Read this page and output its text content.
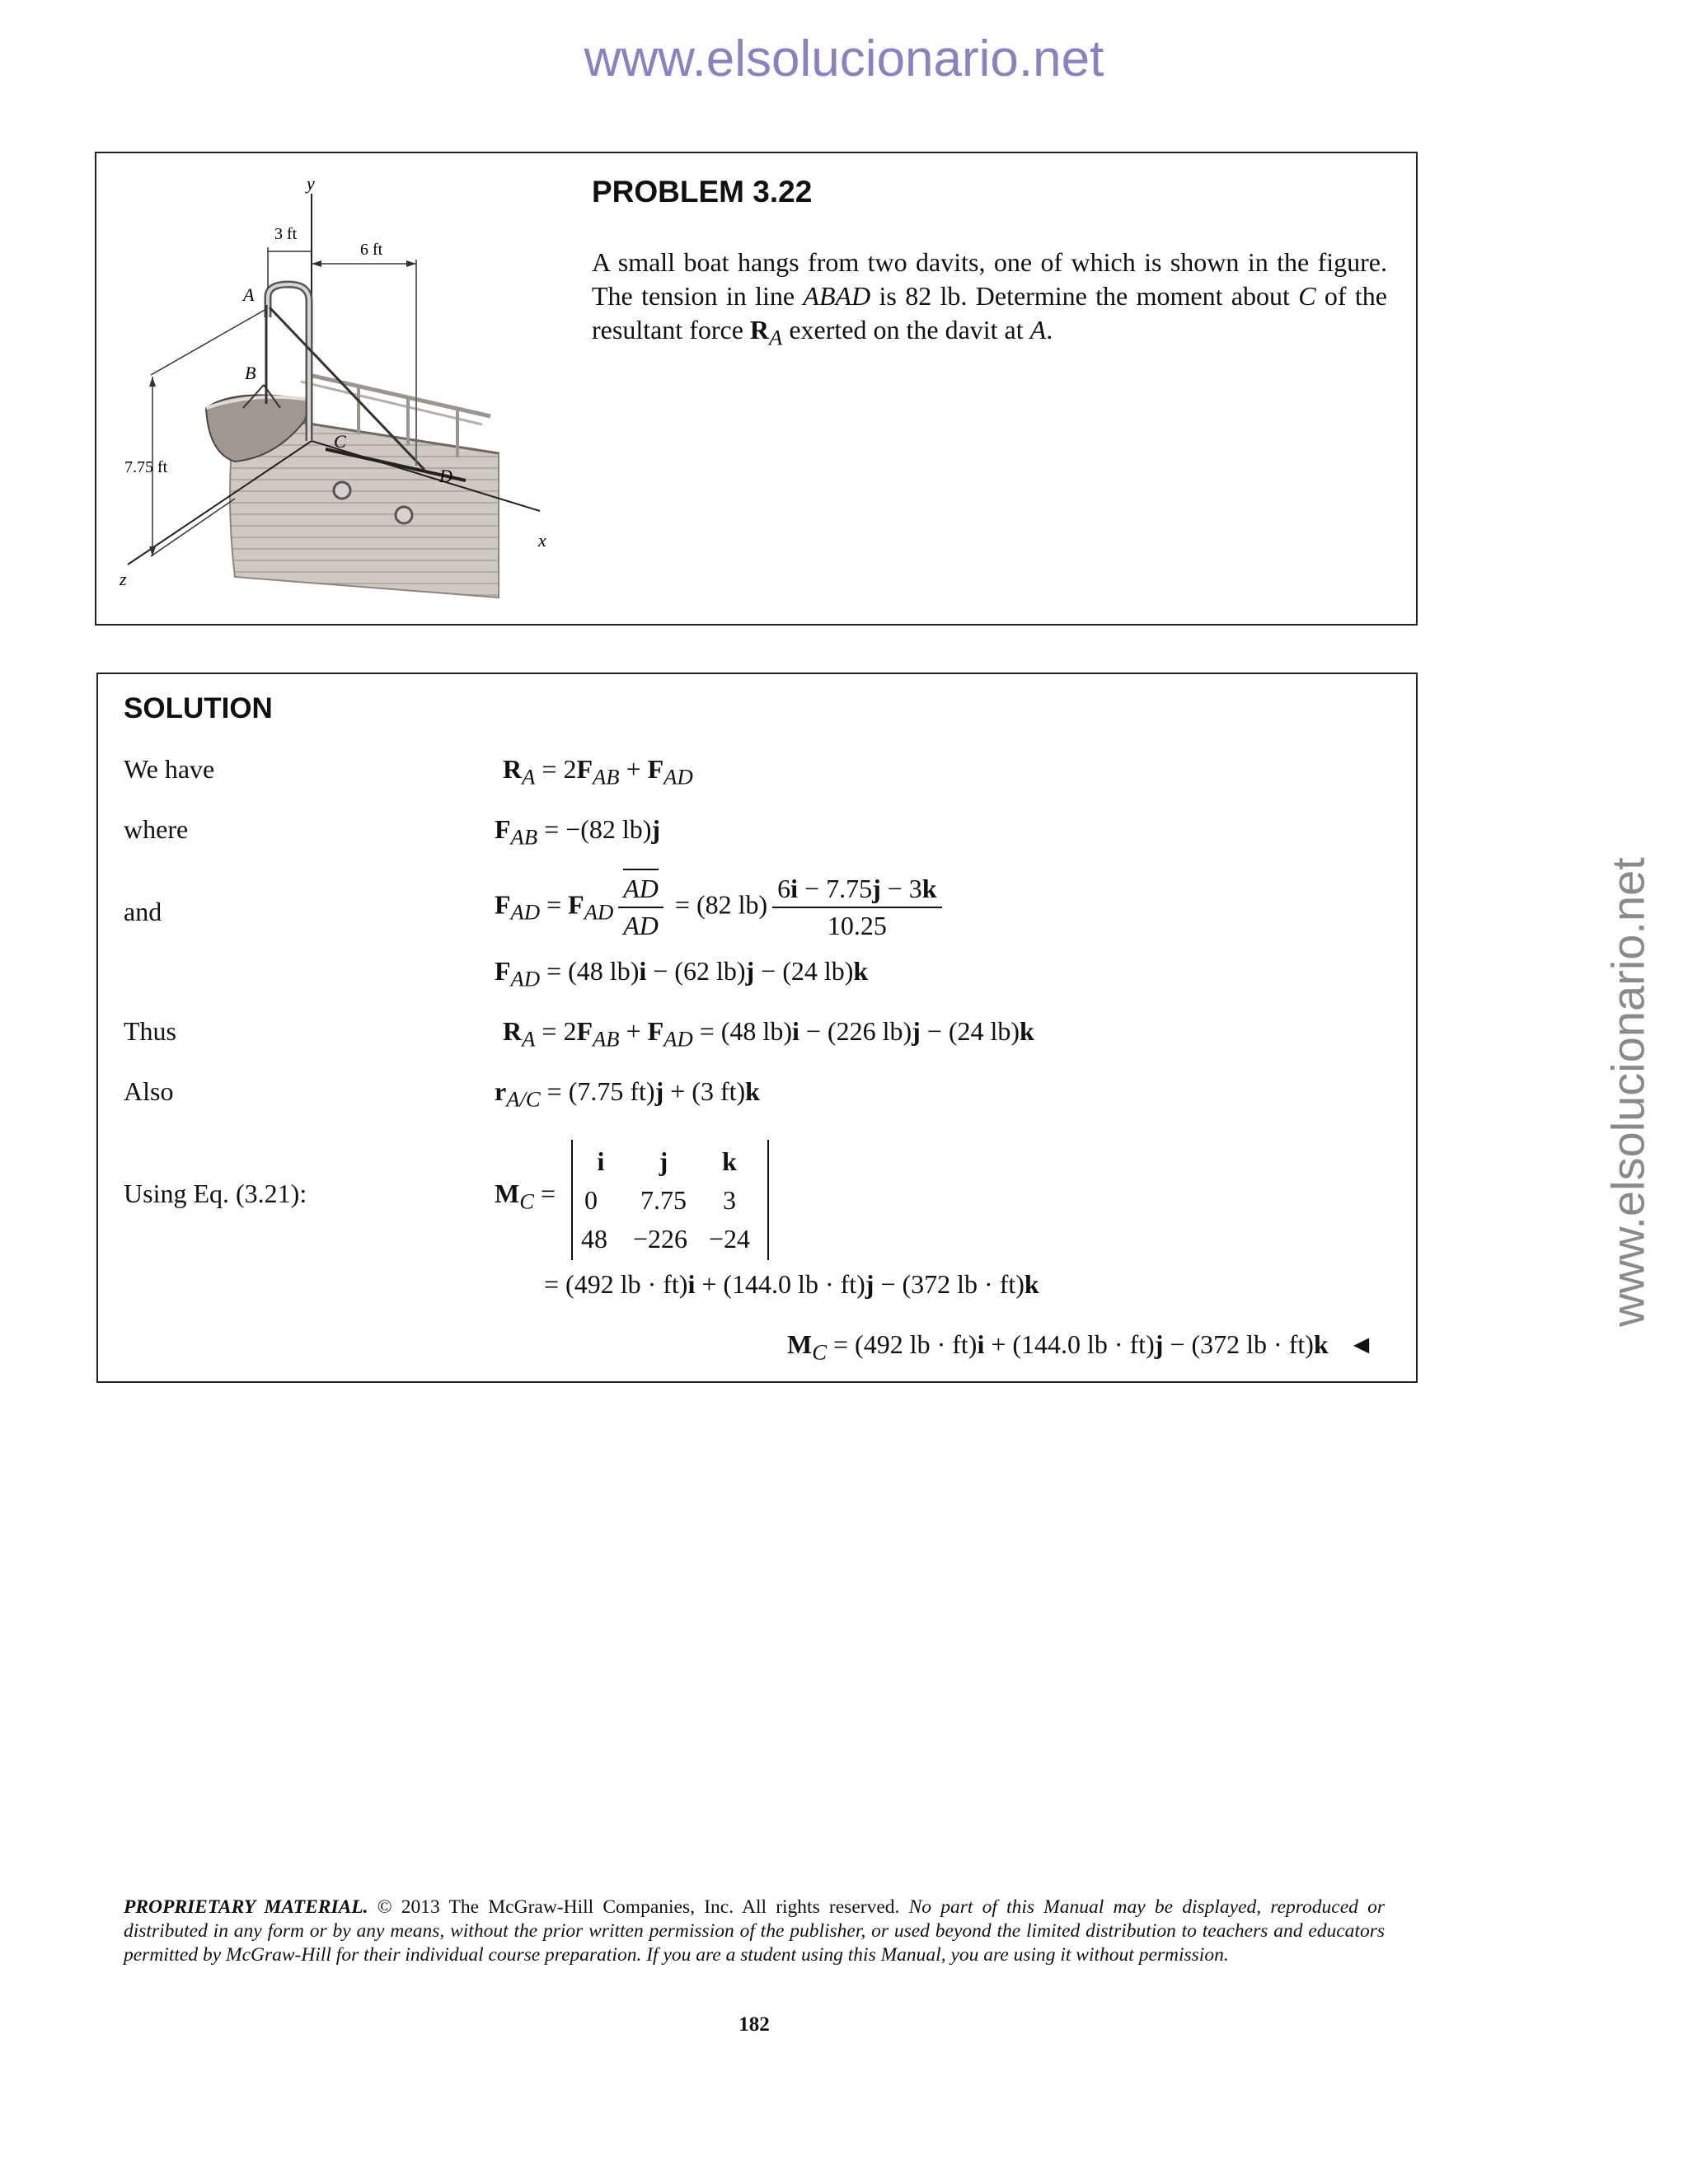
www.elsolucionario.net
www.elsolucionario.net
y
x
z
A
B
C
D
3 ft
6 ft
7.75 ft
PROBLEM 3.22
A small boat hangs from two davits, one of which is shown in the figure. The tension in line ABAD is 82 lb. Determine the moment about C of the resultant force $R_A$ exerted on the davit at A.
SOLUTION
We have	$R_A = 2F_{AB} + F_{AD}$
where	$F_{AB} = -(82$ lb)j
and	$F_{AD} = F_{AD} \frac{AD}{AD} = (82$ $lb) \frac{6i - 7.75j - 3k}{10.25}$
$F_{AD} = (48$ lb)i − (62 lb)j − (24 lb)k
Thus	$R_A = 2F_{AB} + F_{AD} = (48$ lb)i − (226 lb)j − (24 lb)k
Also	$r_{A/C} = (7.75$ ft)j + (3 ft)k
Using Eq. (3.21):	$M_C$ =
i	j	k
0	7.75	3
48 −226 −24
= (492 lb · ft)i + (144.0 lb · ft)j − (372 lb · ft)k
$M_C = (492$ lb · ft)i + (144.0 lb · ft)j − (372 lb · ft)k ◄
PROPRIETARY MATERIAL. © 2013 The McGraw-Hill Companies, Inc. All rights reserved. No part of this Manual may be displayed, reproduced or distributed in any form or by any means, without the prior written permission of the publisher, or used beyond the limited distribution to teachers and educators permitted by McGraw-Hill for their individual course preparation. If you are a student using this Manual, you are using it without permission.
182
